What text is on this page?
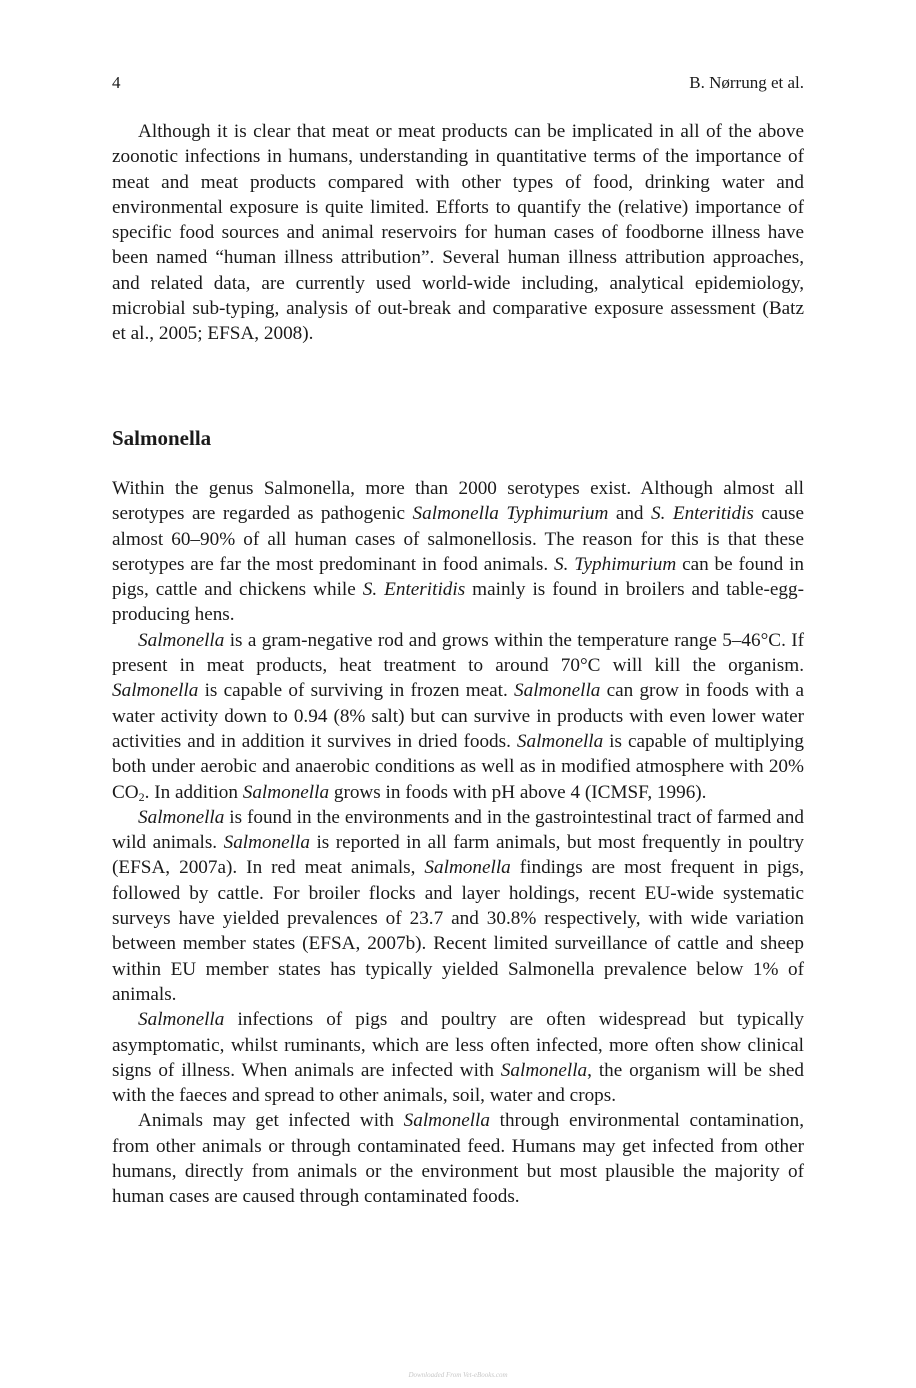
4	B. Nørrung et al.

Although it is clear that meat or meat products can be implicated in all of the above zoonotic infections in humans, understanding in quantitative terms of the importance of meat and meat products compared with other types of food, drinking water and environmental exposure is quite limited. Efforts to quantify the (relative) importance of specific food sources and animal reservoirs for human cases of foodborne illness have been named “human illness attribution”. Several human illness attribution approaches, and related data, are currently used world-wide including, analytical epidemiology, microbial sub-typing, analysis of out-break and comparative exposure assessment (Batz et al., 2005; EFSA, 2008).

Salmonella

Within the genus Salmonella, more than 2000 serotypes exist. Although almost all serotypes are regarded as pathogenic Salmonella Typhimurium and S. Enteritidis cause almost 60–90% of all human cases of salmonellosis. The reason for this is that these serotypes are far the most predominant in food animals. S. Typhimurium can be found in pigs, cattle and chickens while S. Enteritidis mainly is found in broilers and table-egg-producing hens.

Salmonella is a gram-negative rod and grows within the temperature range 5–46°C. If present in meat products, heat treatment to around 70°C will kill the organism. Salmonella is capable of surviving in frozen meat. Salmonella can grow in foods with a water activity down to 0.94 (8% salt) but can survive in products with even lower water activities and in addition it survives in dried foods. Salmonella is capable of multiplying both under aerobic and anaerobic conditions as well as in modified atmosphere with 20% $CO_2$. In addition Salmonella grows in foods with pH above 4 (ICMSF, 1996).

Salmonella is found in the environments and in the gastrointestinal tract of farmed and wild animals. Salmonella is reported in all farm animals, but most frequently in poultry (EFSA, 2007a). In red meat animals, Salmonella findings are most frequent in pigs, followed by cattle. For broiler flocks and layer holdings, recent EU-wide systematic surveys have yielded prevalences of 23.7 and 30.8% respectively, with wide variation between member states (EFSA, 2007b). Recent limited surveillance of cattle and sheep within EU member states has typically yielded Salmonella prevalence below 1% of animals.

Salmonella infections of pigs and poultry are often widespread but typically asymptomatic, whilst ruminants, which are less often infected, more often show clinical signs of illness. When animals are infected with Salmonella, the organism will be shed with the faeces and spread to other animals, soil, water and crops.

Animals may get infected with Salmonella through environmental contamination, from other animals or through contaminated feed. Humans may get infected from other humans, directly from animals or the environment but most plausible the majority of human cases are caused through contaminated foods.

Downloaded From Vet-eBooks.com
